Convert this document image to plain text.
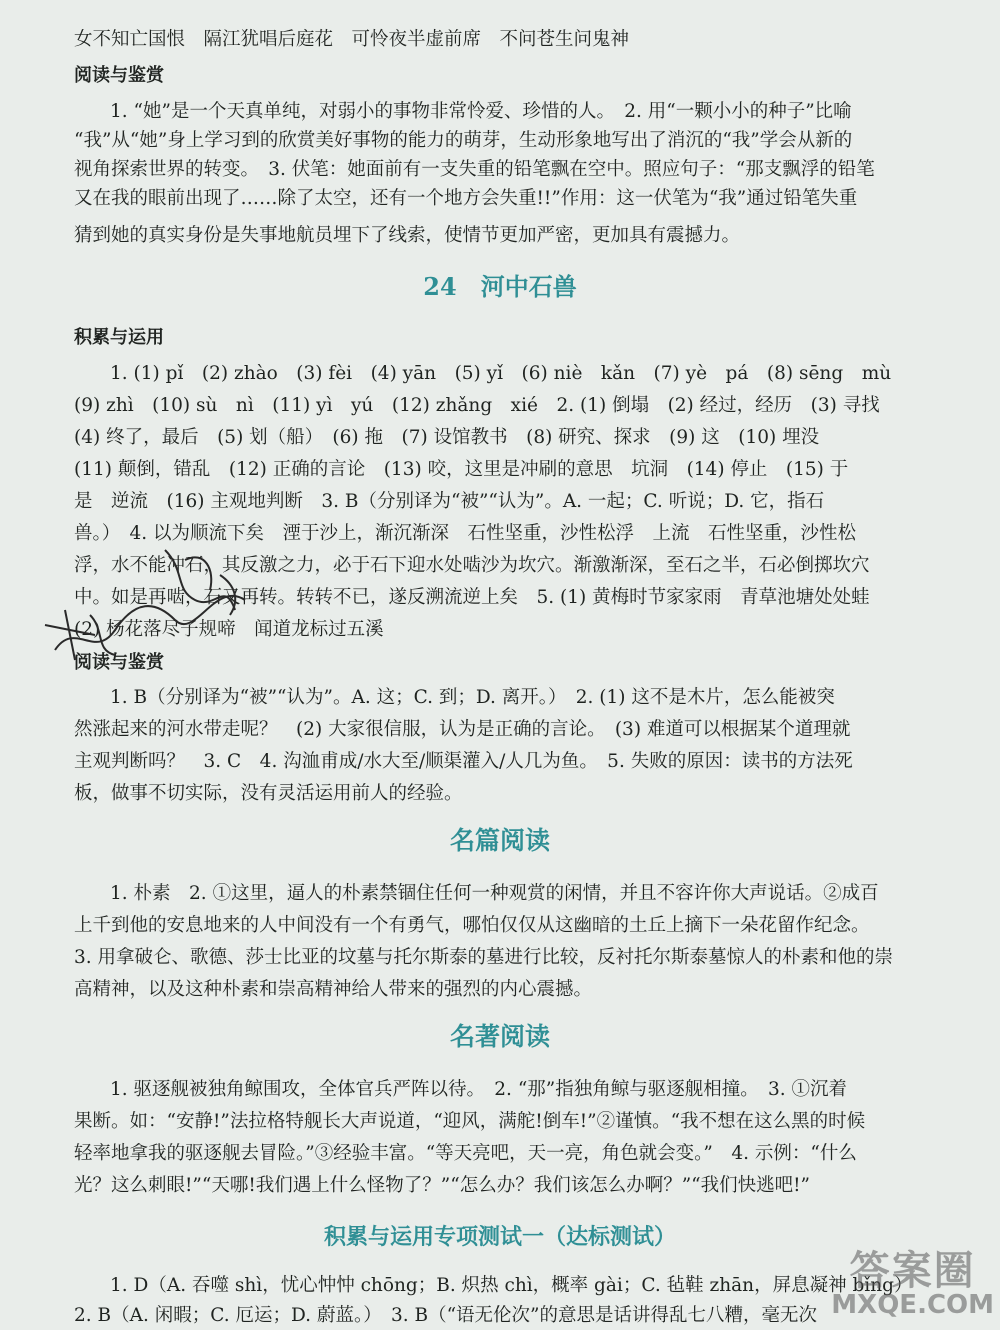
女不知亡国恨　隔江犹唱后庭花　可怜夜半虚前席　不问苍生问鬼神
阅读与鉴赏
1. “她”是一个天真单纯，对弱小的事物非常怜爱、珍惜的人。　2. 用“一颗小小的种子”比喻
“我”从“她”身上学习到的欣赏美好事物的能力的萌芽，生动形象地写出了消沉的“我”学会从新的
视角探索世界的转变。　3. 伏笔：她面前有一支失重的铅笔飘在空中。照应句子：“那支飘浮的铅笔
又在我的眼前出现了……除了太空，还有一个地方会失重!!”作用：这一伏笔为“我”通过铅笔失重
猜到她的真实身份是失事地航员埋下了线索，使情节更加严密，更加具有震撼力。
24　河中石兽
积累与运用
1. (1) pǐ　(2) zhào　(3) fèi　(4) yān　(5) yǐ　(6) niè　kǎn　(7) yè　pá　(8) sēng　mù
(9) zhì　(10) sù　nì　(11) yì　yú　(12) zhǎng　xié　2. (1) 倒塌　(2) 经过，经历　(3) 寻找
(4) 终了，最后　(5) 划（船）　(6) 拖　(7) 设馆教书　(8) 研究、探求　(9) 这　(10) 埋没
(11) 颠倒，错乱　(12) 正确的言论　(13) 咬，这里是冲刷的意思　坑洞　(14) 停止　(15) 于
是　逆流　(16) 主观地判断　3. B（分别译为“被”“认为”。A. 一起；C. 听说；D. 它，指石
兽。）　4. 以为顺流下矣　湮于沙上，渐沉渐深　石性坚重，沙性松浮　上流　石性坚重，沙性松
浮，水不能冲石，其反激之力，必于石下迎水处啮沙为坎穴。渐激渐深，至石之半，石必倒掷坎穴
中。如是再啮，石又再转。转转不已，遂反溯流逆上矣　5. (1) 黄梅时节家家雨　青草池塘处处蛙
(2) 杨花落尽子规啼　闻道龙标过五溪
阅读与鉴赏
1. B（分别译为“被”“认为”。A. 这；C. 到；D. 离开。）　2. (1) 这不是木片，怎么能被突
然涨起来的河水带走呢？　(2) 大家很信服，认为是正确的言论。　(3) 难道可以根据某个道理就
主观判断吗？　3. C　4. 沟洫甫成/水大至/顺渠灌入/人几为鱼。　5. 失败的原因：读书的方法死
板，做事不切实际，没有灵活运用前人的经验。
名篇阅读
1. 朴素　2. ①这里，逼人的朴素禁锢住任何一种观赏的闲情，并且不容许你大声说话。②成百
上千到他的安息地来的人中间没有一个有勇气，哪怕仅仅从这幽暗的土丘上摘下一朵花留作纪念。
3. 用拿破仑、歌德、莎士比亚的坟墓与托尔斯泰的墓进行比较，反衬托尔斯泰墓惊人的朴素和他的崇
高精神，以及这种朴素和崇高精神给人带来的强烈的内心震撼。
名著阅读
1. 驱逐舰被独角鲸围攻，全体官兵严阵以待。　2. “那”指独角鲸与驱逐舰相撞。　3. ①沉着
果断。如：“安静!”法拉格特舰长大声说道，“迎风，满舵!倒车!”②谨慎。“我不想在这么黑的时候
轻率地拿我的驱逐舰去冒险。”③经验丰富。“等天亮吧，天一亮，角色就会变。”　4. 示例：“什么
光？这么刺眼!”“天哪!我们遇上什么怪物了？”“怎么办？我们该怎么办啊？”“我们快逃吧!”
积累与运用专项测试一（达标测试）
1. D（A. 吞噬 shì，忧心忡忡 chōng；B. 炽热 chì，概率 gài；C. 毡鞋 zhān，屏息凝神 bǐng）
2. B（A. 闲暇；C. 厄运；D. 蔚蓝。）　3. B（“语无伦次”的意思是话讲得乱七八糟，毫无次
答案圈
MXQE.COM
